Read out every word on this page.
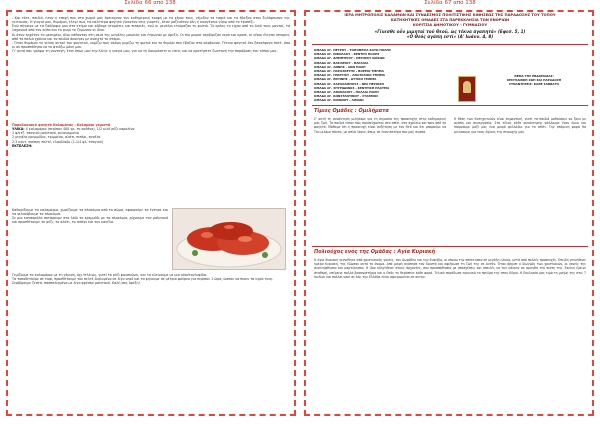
Σελίδα 66 από 138
- Και τότε, παιδιά, ήταν η εποχή που στο χωριό μας έφτιαχναν την καθημερινή τροφή με τα χέρια τους, γέμιζαν τα ταψιά και τα έβαζαν στον ξυλόφουρνο της γειτονιάς. Η γιαγιά μου, θυμάμαι, έλεγε πως τα καλύτερα φαγητά γίνονταν στις γιορτές, όταν μαζευόταν όλη η οικογένεια γύρω από το τραπέζι.
Εγώ πήγαινα με τα ξαδέρφια μου στο κτήμα και κόβαμε ντομάτες και πιπεριές, ενώ οι μεγάλοι ετοίμαζαν τη φωτιά. Το κρέας το είχαν από το δικό τους μαντρί, τα λαχανικά από τον κήπο και το ψωμί το ζύμωναν οι ίδιοι.
Κι όταν ερχόταν το μεσημέρι, όλοι κάθονταν στη σκιά της μεγάλης μουριάς και έτρωγαν με όρεξη. Οι πιο μικροί σερβίριζαν νερό και κρασί, οι γέροι έλεγαν ιστορίες από τα παλιά χρόνια και τα παιδιά άκουγαν με ανοιχτό το στόμα.
- Όταν θυμάμαι τη γεύση αυτού του φαγητού, νομίζω πως ακόμη μυρίζω τη φωτιά και το θυμάρι που έβαζαν στα κάρβουνα. Τέτοιο φαγητό δεν ξαναέφαγα ποτέ, όσο κι αν προσπάθησα να το φτιάξω μόνη μου.
Γι' αυτό σας γράφω τη συνταγή, έτσι όπως μου την έλεγε η γιαγιά μου, για να τη δοκιμάσετε κι εσείς και να κρατήσετε ζωντανή την παράδοση του τόπου μας.
Παραδοσιακό φαγητό Καλαμάτας : Καλαμάρι γεμιστό
ΥΛΙΚΑ: 4 καλαμάρια (περίπου 400 γρ. το καθένα), 1/2 κιλό ρύζι καρολίνα
1 φλιτζ. τσαγιού μαϊντανό, ψιλοκομμένο
2 μεγάλα κρεμμύδια, τριμμένα, αλάτι, πιπέρι, κανέλα
2-3 κουτ. σούπας πελτέ, ελαιόλαδο (1-1/4 φλ. τσαγιού)
ΕΚΤΕΛΕΣΗ:
Καθαρίζουμε τα καλαμάρια, χωρίζουμε τα πλοκάμια από το σώμα, αφαιρούμε τα έντερα και τα ψιλοκόβουμε τα πλοκάμια.
Σε μια κατσαρόλα σοτάρουμε στο λάδι το κρεμμύδι με τα πλοκάμια, ρίχνουμε τον μαϊντανό και προσθέτουμε το ρύζι, το αλάτι, το πιπέρι και την κανέλα.
Γεμίζουμε τα καλαμάρια με τη γέμιση, όχι τελείως, γιατί το ρύζι φουσκώνει, και τα κλείνουμε με μια οδοντογλυφίδα.
Τα τοποθετούμε σε ταψί, προσθέτουμε τον πελτέ διαλυμένο σε λίγο νερό και τα ψήνουμε σε μέτριο φούρνο για περίπου 1 ώρα, ώσπου να πιουν τα υγρά τους.
Σερβίρουμε ζεστά, πασπαλισμένα με λίγο φρέσκο μαϊντανό. Καλή σας όρεξη!
Σελίδα 67 από 138
ΙΕΡΑ ΜΗΤΡΟΠΟΛΙΣ ΚΑΛΑΜΩΝ ΚΑΙ ΣΥΝΔΕΣΜΟΣ ΠΟΛΙΤΙΣΤΙΚΗΣ ΚΙΝΗΣΕΩΣ ΤΗΣ ΠΑΡΑΔΟΣΗΣ ΤΟΥ ΤΟΠΟΥ
ΚΑΤΗΧΗΤΙΚΕΣ ΟΜΑΔΕΣ ΣΤΑ ΠΑΡΕΚΚΛΗΣΙΑ ΤΩΝ ΕΝΟΡΙΩΝ
ΚΟΡΙΤΣΙΑ ΔΗΜΟΤΙΚΟΥ - ΓΥΜΝΑΣΙΟΥ
«Γίνεσθε οὖν μιμηταὶ τοῦ Θεοῦ, ὡς τέκνα ἀγαπητά» (Εφεσ. 5, 1)
«Ο Θεός αγάπη εστί» (Α' Ιωάνν. 4, 8)
ΟΜΑΔΑ ΑΓ. ΠΕΤΡΟΥ - ΤΟΠΟΘΕΣΙΑ ΚΑΤΩ ΠΟΛΗΣ
ΟΜΑΔΑ ΑΓ. ΝΙΚΟΛΑΟΥ - ΚΕΝΤΡΟ ΠΟΛΗΣ
ΟΜΑΔΑ ΑΓ. ΔΗΜΗΤΡΙΟΥ - ΠΕΡΙΟΧΗ ΛΑΪΚΩΝ
ΟΜΑΔΑ ΑΓ. ΒΑΣΙΛΕΙΟΥ - ΠΑΡΑΛΙΑ
ΟΜΑΔΑ ΑΓ. ΑΝΝΗΣ - ΑΝΩ ΠΟΛΗ
ΟΜΑΔΑ ΑΓ. ΠΑΡΑΣΚΕΥΗΣ - ΒΟΡΕΙΟ ΤΜΗΜΑ
ΟΜΑΔΑ ΑΓ. ΓΕΩΡΓΙΟΥ - ΑΝΑΤΟΛΙΚΟ ΤΜΗΜΑ
ΟΜΑΔΑ ΑΓ. ΕΙΡΗΝΗΣ - ΔΥΤΙΚΟ ΤΜΗΜΑ
ΟΜΑΔΑ ΑΓ. ΧΑΡΑΛΑΜΠΟΥΣ - ΝΕΑ ΠΕΡΙΟΧΗ
ΟΜΑΔΑ ΑΓ. ΣΠΥΡΙΔΩΝΟΣ - ΚΕΝΤΡΙΚΗ ΠΛΑΤΕΙΑ
ΟΜΑΔΑ ΑΓ. ΑΘΑΝΑΣΙΟΥ - ΠΑΛΑΙΑ ΠΟΛΗ
ΟΜΑΔΑ ΑΓ. ΚΩΝΣΤΑΝΤΙΝΟΥ - ΣΤΑΘΜΟΣ
ΟΜΑΔΑ ΑΓ. ΙΩΑΝΝΟΥ - ΛΙΜΑΝΙ
ΘΕΜΑ ΤΗΣ ΕΒΔΟΜΑΔΑΣ:
ΧΡΙΣΤΙΑΝΙΚΗ ΖΩΗ ΚΑΙ ΠΑΡΑΔΟΣΗ
ΣΥΝΑΝΤΗΣΕΙΣ: ΚΑΘΕ ΣΑΒΒΑΤΟ
Τίμιες Ομάδες : Ομιλήματα
Σ' αυτή τη συνάντηση μιλήσαμε για τη σημασία της προσευχής στην καθημερινή μας ζωή. Τα παιδιά είπαν πώς προσεύχονται στο σπίτι, στο σχολείο και πριν από το φαγητό. Μάθαμε ότι η προσευχή είναι συζήτηση με τον Θεό και ότι μπορούμε να Του μιλάμε πάντα, με απλά λόγια, όπως σε έναν πατέρα που μας αγαπά.
Η θέση των Κατηχητικών είναι σημαντική, γιατί τα παιδιά μαθαίνουν να ζουν με αγάπη και συνεργασία. Στο τέλος κάθε συνάντησης ψάλλουμε έναν ύμνο και παίρνουμε μαζί μας ένα μικρό φυλλάδιο για το σπίτι. Την επόμενη φορά θα μιλήσουμε για τους Αγίους της περιοχής μας.
Πολιούχος ενός της Ομάδας : Αγία Κυριακή
Η Αγία Κυριακή γεννήθηκε από χριστιανούς γονείς, τον Δωρόθεο και την Ευσεβία, οι οποίοι την απέκτησαν σε μεγάλη ηλικία, μετά από πολλές προσευχές. Επειδή γεννήθηκε ημέρα Κυριακή, της έδωσαν αυτό το όνομα. Από μικρή αγάπησε τον Χριστό και αφιέρωσε τη ζωή της σε Αυτόν. Όταν άρχισε ο διωγμός των χριστιανών, οι γονείς της συνελήφθησαν και μαρτύρησαν. Η ίδια οδηγήθηκε στους άρχοντες, που προσπάθησαν με υποσχέσεις και απειλές να την κάνουν να αρνηθεί την πίστη της. Εκείνη έμεινε σταθερή, υπέμεινε πολλά βασανιστήρια και ο Θεός τη θεράπευε κάθε φορά. Τελικά παρέδωσε ειρηνικά το πνεύμα της στον Κύριο. Η Εκκλησία μας τιμά τη μνήμη της στις 7 Ιουλίου και πολλοί ναοί σε όλη την Ελλάδα είναι αφιερωμένοι σε αυτήν.
